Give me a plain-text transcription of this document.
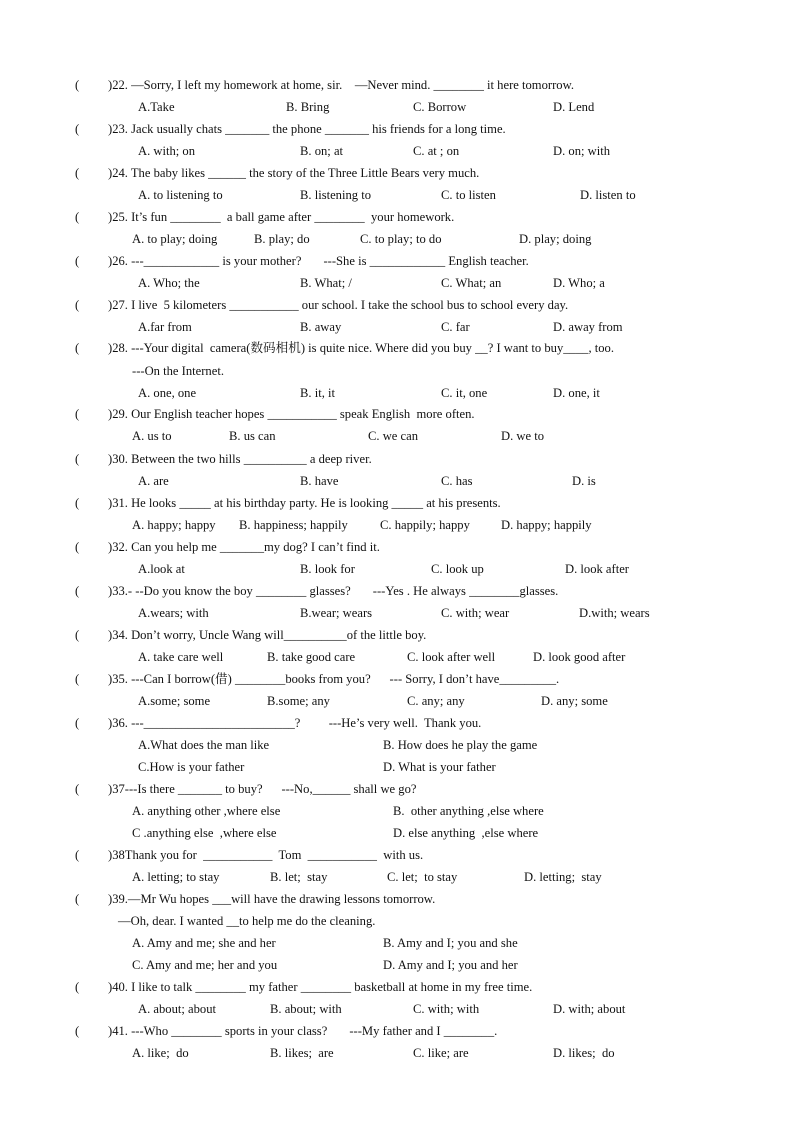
( )22. —Sorry, I left my homework at home, sir.    —Never mind. ________ it here tomorrow.
A.Take	B. Bring	C. Borrow	D. Lend
( )23. Jack usually chats _______ the phone _______ his friends for a long time.
A. with; on	B. on; at	C. at ; on	D. on; with
( )24. The baby likes ______ the story of the Three Little Bears very much.
A. to listening to	B. listening to	C. to listen	D. listen to
( )25. It’s fun ________  a ball game after ________  your homework.
A. to play; doing	B. play; do	C. to play; to do	D. play; doing
( )26. ---____________ is your mother?       ---She is ____________ English teacher.
A. Who; the	B. What; /	C. What; an	D. Who; a
( )27. I live  5 kilometers ___________ our school. I take the school bus to school every day.
A.far from	B. away	C. far	D. away from
( )28. ---Your digital  camera(数码相机) is quite nice. Where did you buy __? I want to buy____, too.
---On the Internet.
A. one, one	B. it, it	C. it, one	D. one, it
( )29. Our English teacher hopes ___________ speak English  more often.
A. us to	B. us can	C. we can	D. we to
( )30. Between the two hills __________ a deep river.
A. are	B. have	C. has	D. is
( )31. He looks _____ at his birthday party. He is looking _____ at his presents.
A. happy; happy B. happiness; happily	C. happily; happy D. happy; happily
( )32. Can you help me _______my dog? I can’t find it.
A.look at	B. look for	C. look up	D. look after
( )33.- --Do you know the boy ________ glasses?       ---Yes . He always ________glasses.
A.wears; with	B.wear; wears	C. with; wear	D.with; wears
( )34. Don’t worry, Uncle Wang will__________of the little boy.
A. take care well	B. take good care	C. look after well	D. look good after
( )35. ---Can I borrow(借) ________books from you?      --- Sorry, I don’t have_________.
A.some; some	B.some; any	C. any; any	D. any; some
( )36. ---________________________?         ---He’s very well.  Thank you.
A.What does the man like	B. How does he play the game
C.How is your father	D. What is your father
( )37---Is there _______ to buy?      ---No,______ shall we go?
A. anything other ,where else	B.  other anything ,else where
C .anything else  ,where else	D. else anything  ,else where
( )38Thank you for  ___________  Tom  ___________  with us.
A. letting; to stay	B. let;  stay	C. let;  to stay	D. letting;  stay
( )39.—Mr Wu hopes ___will have the drawing lessons tomorrow.
—Oh, dear. I wanted __to help me do the cleaning.
A. Amy and me; she and her	B. Amy and I; you and she
C. Amy and me; her and you	D. Amy and I; you and her
( )40. I like to talk ________ my father ________ basketball at home in my free time.
A. about; about	B. about; with	C. with; with	D. with; about
( )41. ---Who ________ sports in your class?       ---My father and I ________.
A. like;  do	B. likes;  are	C. like; are	D. likes;  do
